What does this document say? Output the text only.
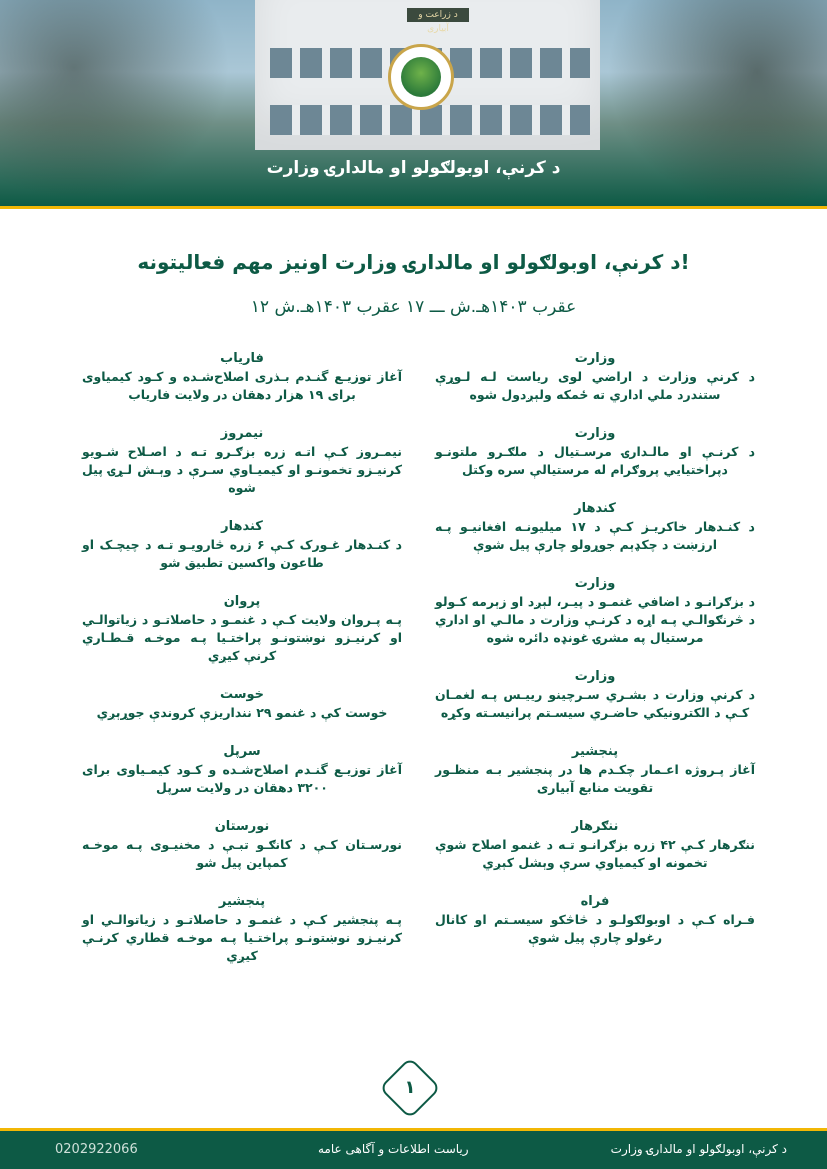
د زراعت و آبیاری
د کرنې، اوبولګولو او مالدارۍ وزارت
د کرنې، اوبولګولو او مالدارۍ وزارت اونيز مهم فعاليتونه!
۱۲ عقرب ۱۴۰۳هـ.ش ـــ ۱۷ عقرب ۱۴۰۳هـ.ش
وزارت
د کرنې وزارت د اراضي لوی رياست لـه لـوړې ستندرد ملي اداري ته ځمکه ولېږدول شوه
وزارت
د کرنـې او مالـدارۍ مرسـتيال د ملګـرو ملتونـو دپراختيايي پروګرام له مرستيالې سره وکتل
کندهار
د کنـدهار خاکريـز کـې د ۱۷ میلیونـه افغانیـو پـه ارزښت د چکډېم جوړولو چارې پيل شوې
وزارت
د بزګرانـو د اضافي غنمـو د پيـر، لېږد او زېرمه کـولو د څرنګوالـي پـه اړه د کرنـې وزارت د مالـي او اداري مرستيال په مشرۍ غونډه دائره شوه
وزارت
د کرنې وزارت د بشـري سـرچينو رييـس پـه لغمـان کـې د الکترونیکي حاضـري سيسـتم پرانيسـته وکړه
پنجشير
آغاز پـروژه اعـمار چکـدم ها در پنجشیر بـه منظـور تقویت منابع آبیاری
ننګرهار
ننګرهار کـې ۴۲ زره بزګرانـو تـه د غنمو اصلاح شوې تخمونه او کيمياوي سرې وېشل کېږي
فراه
فـراه کـې د اوبولګولـو د څاڅکو سيسـتم او کانال رغولو چارې پيل شوې
فارياب
آغاز توزيـع گنـدم بـذری اصلاح‌شـده و کـود کیمیاوی برای ۱۹ هزار دهقان در ولایت فاریاب
نیمروز
نیمـروز کـې اتـه زره بزګـرو تـه د اصـلاح شـویو کرنيـزو تخمونـو او کيميـاوي سـرې د وېـش لـړۍ پيل شوه
کندهار
د کنـدهار غـورک کـې ۶ زره څارویـو تـه د چیچـک او طاعون واکسين تطبيق شو
پروان
پـه پـروان ولایت کـې د غنمـو د حاصلاتـو د زیاتوالـي او کرنيـزو نوښتونـو پراختـيا پـه موخـه قـطـاري کرنې کیږي
خوست
خوست کې د غنمو ۲۹ ننداريزې کروندې جوړېږي
سرپل
آغاز توزيـع گنـدم اصلاح‌شـده و کـود کیمـیاوی برای ۳۲۰۰ دهقان در ولایت سرپل
نورستان
نورسـتان کـې د کانګـو تبـې د مخنيـوی پـه موخـه کمپاين پيل شو
پنجشیر
پـه پنجشير کـې د غنمـو د حاصلاتـو د زیاتوالـي او کرنيـزو نوښتونـو پراختـيا پـه موخـه قطاري کرنـې کيږي
۱
0202922066	ریاست اطلاعات و آگاهی عامه	د کرنې، اوبولګولو او مالدارۍ وزارت
